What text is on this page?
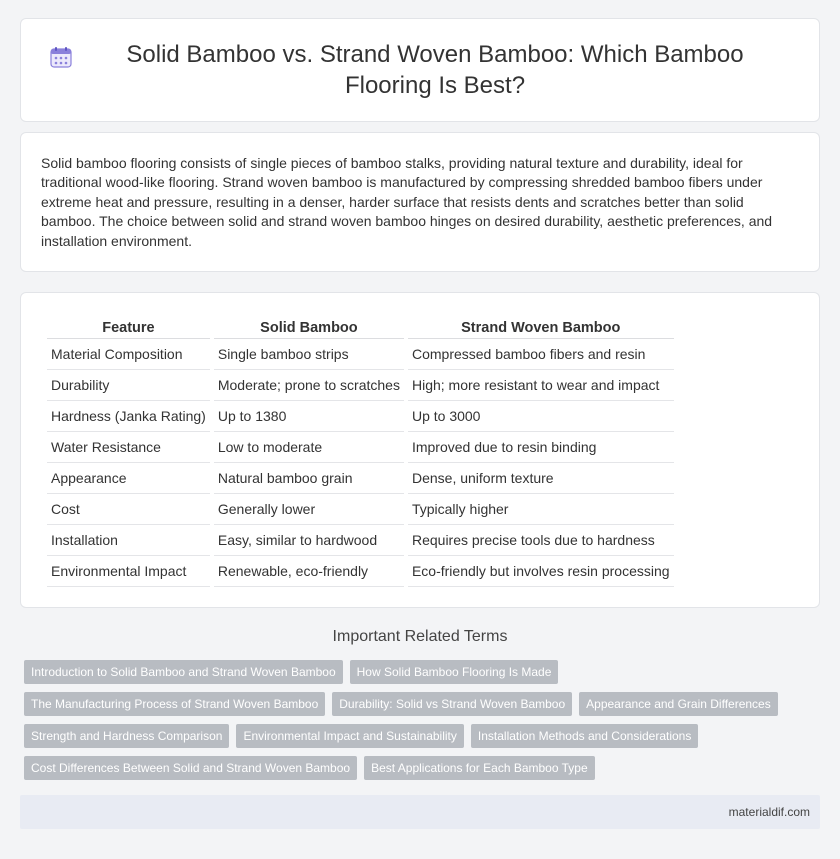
Solid Bamboo vs. Strand Woven Bamboo: Which Bamboo Flooring Is Best?

Solid bamboo flooring consists of single pieces of bamboo stalks, providing natural texture and durability, ideal for traditional wood-like flooring. Strand woven bamboo is manufactured by compressing shredded bamboo fibers under extreme heat and pressure, resulting in a denser, harder surface that resists dents and scratches better than solid bamboo. The choice between solid and strand woven bamboo hinges on desired durability, aesthetic preferences, and installation environment.

Feature	Solid Bamboo	Strand Woven Bamboo
Material Composition	Single bamboo strips	Compressed bamboo fibers and resin
Durability	Moderate; prone to scratches	High; more resistant to wear and impact
Hardness (Janka Rating)	Up to 1380	Up to 3000
Water Resistance	Low to moderate	Improved due to resin binding
Appearance	Natural bamboo grain	Dense, uniform texture
Cost	Generally lower	Typically higher
Installation	Easy, similar to hardwood	Requires precise tools due to hardness
Environmental Impact	Renewable, eco-friendly	Eco-friendly but involves resin processing
Important Related Terms
Introduction to Solid Bamboo and Strand Woven Bamboo	How Solid Bamboo Flooring Is Made
The Manufacturing Process of Strand Woven Bamboo	Durability: Solid vs Strand Woven Bamboo	Appearance and Grain Differences
Strength and Hardness Comparison	Environmental Impact and Sustainability	Installation Methods and Considerations
Cost Differences Between Solid and Strand Woven Bamboo	Best Applications for Each Bamboo Type
materialdif.com
